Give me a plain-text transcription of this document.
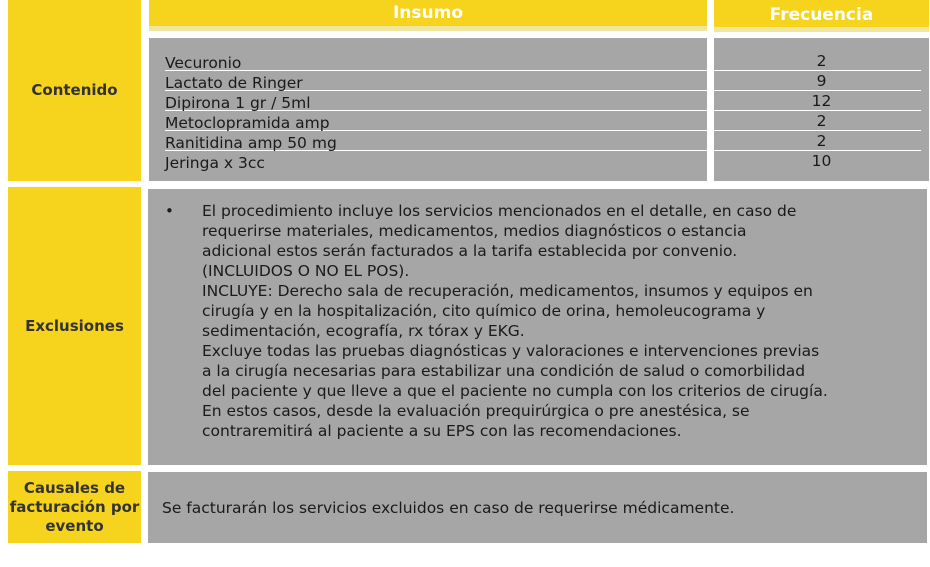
Contenido
Insumo	Frecuencia
Vecuronio
Lactato de Ringer
Dipirona 1 gr / 5ml
Metoclopramida amp
Ranitidina amp 50 mg
Jeringa x 3cc
2
9
12
2
2
10
Exclusiones
• El procedimiento incluye los servicios mencionados en el detalle, en caso de

requerirse materiales, medicamentos, medios diagnósticos o estancia

adicional estos serán facturados a la tarifa establecida por convenio.

(INCLUIDOS O NO EL POS).

INCLUYE: Derecho sala de recuperación, medicamentos, insumos y equipos en

cirugía y en la hospitalización, cito químico de orina, hemoleucograma y

sedimentación, ecografía, rx tórax y EKG.

Excluye todas las pruebas diagnósticas y valoraciones e intervenciones previas

a la cirugía necesarias para estabilizar una condición de salud o comorbilidad

del paciente y que lleve a que el paciente no cumpla con los criterios de cirugía.

En estos casos, desde la evaluación prequirúrgica o pre anestésica, se

contraremitirá al paciente a su EPS con las recomendaciones.

Causales de facturación por evento
Se facturarán los servicios excluidos en caso de requerirse médicamente.
